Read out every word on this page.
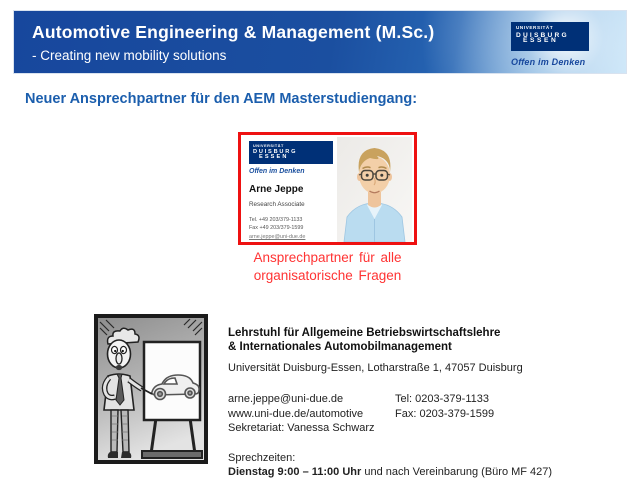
Automotive Engineering & Management (M.Sc.)
- Creating new mobility solutions
UNIVERSITÄT
DUISBURG
ESSEN
Offen im Denken
Neuer Ansprechpartner für den AEM Masterstudiengang:
UNIVERSITÄT
DUISBURG
ESSEN
Offen im Denken
Arne Jeppe
Research Associate
Tel. +49 203/379-1133
Fax +49 203/379-1599
arne.jeppe@uni-due.de
Ansprechpartner für alle
organisatorische Fragen
Lehrstuhl für Allgemeine Betriebswirtschaftslehre
& Internationales Automobilmanagement
Universität Duisburg-Essen, Lotharstraße 1, 47057 Duisburg
arne.jeppe@uni-due.de
www.uni-due.de/automotive
Sekretariat: Vanessa Schwarz
Tel: 0203-379-1133
Fax: 0203-379-1599
Sprechzeiten:
Dienstag 9:00 – 11:00 Uhr und nach Vereinbarung (Büro MF 427)
